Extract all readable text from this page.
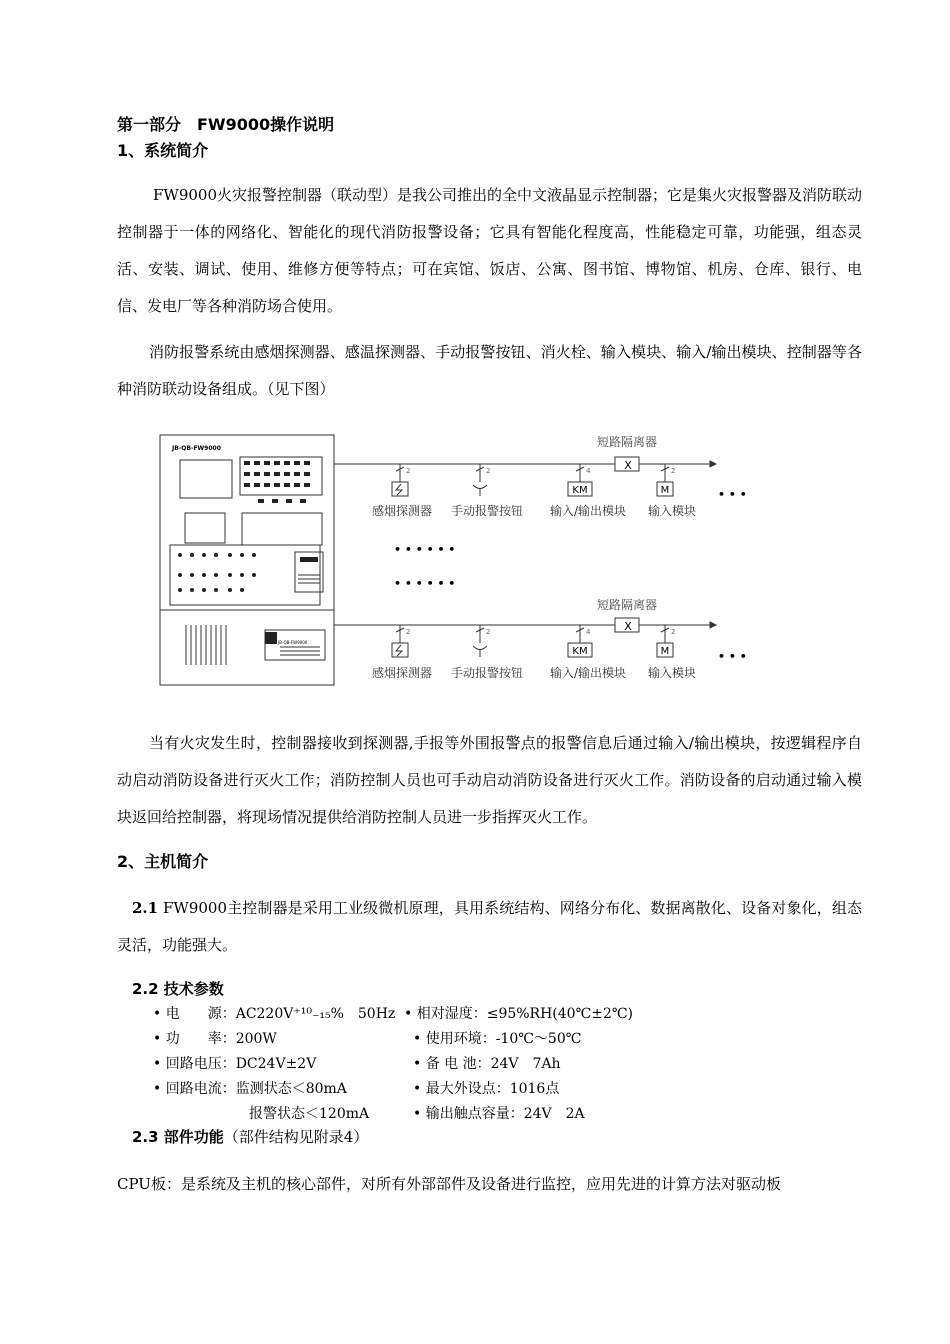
第一部分　FW9000操作说明
1、系统简介
FW9000火灾报警控制器（联动型）是我公司推出的全中文液晶显示控制器；它是集火灾报警器及消防联动控制器于一体的网络化、智能化的现代消防报警设备；它具有智能化程度高，性能稳定可靠，功能强，组态灵活、安装、调试、使用、维修方便等特点；可在宾馆、饭店、公寓、图书馆、博物馆、机房、仓库、银行、电信、发电厂等各种消防场合使用。
消防报警系统由感烟探测器、感温探测器、手动报警按钮、消火栓、输入模块、输入/输出模块、控制器等各种消防联动设备组成。（见下图）
JB-QB-FW9000
JB-QB-FW9000
X
短路隔离器
KM	M
2	2	4	2
感烟探测器 手动报警按钮 输入/输出模块 输入模块
• • •
• • • • • •
• • • • • •
X
短路隔离器
KM	M
2	2	4	2
感烟探测器 手动报警按钮 输入/输出模块 输入模块
• • •
当有火灾发生时，控制器接收到探测器,手报等外围报警点的报警信息后通过输入/输出模块，按逻辑程序自动启动消防设备进行灭火工作；消防控制人员也可手动启动消防设备进行灭火工作。消防设备的启动通过输入模块返回给控制器，将现场情况提供给消防控制人员进一步指挥灭火工作。
2、主机简介
2.1 FW9000主控制器是采用工业级微机原理，具用系统结构、网络分布化、数据离散化、设备对象化，组态灵活，功能强大。
2.2 技术参数
• 电　　源：AC220V⁺¹⁰₋₁₅%　50Hz
• 功　　率：200W
• 回路电压：DC24V±2V
• 回路电流：监测状态＜80mA
报警状态＜120mA
• 相对湿度：≤95%RH(40℃±2℃)
• 使用环境：-10℃～50℃
• 备 电 池：24V　7Ah
• 最大外设点：1016点
• 输出触点容量：24V　2A
2.3 部件功能（部件结构见附录4）
CPU板：是系统及主机的核心部件，对所有外部部件及设备进行监控，应用先进的计算方法对驱动板
